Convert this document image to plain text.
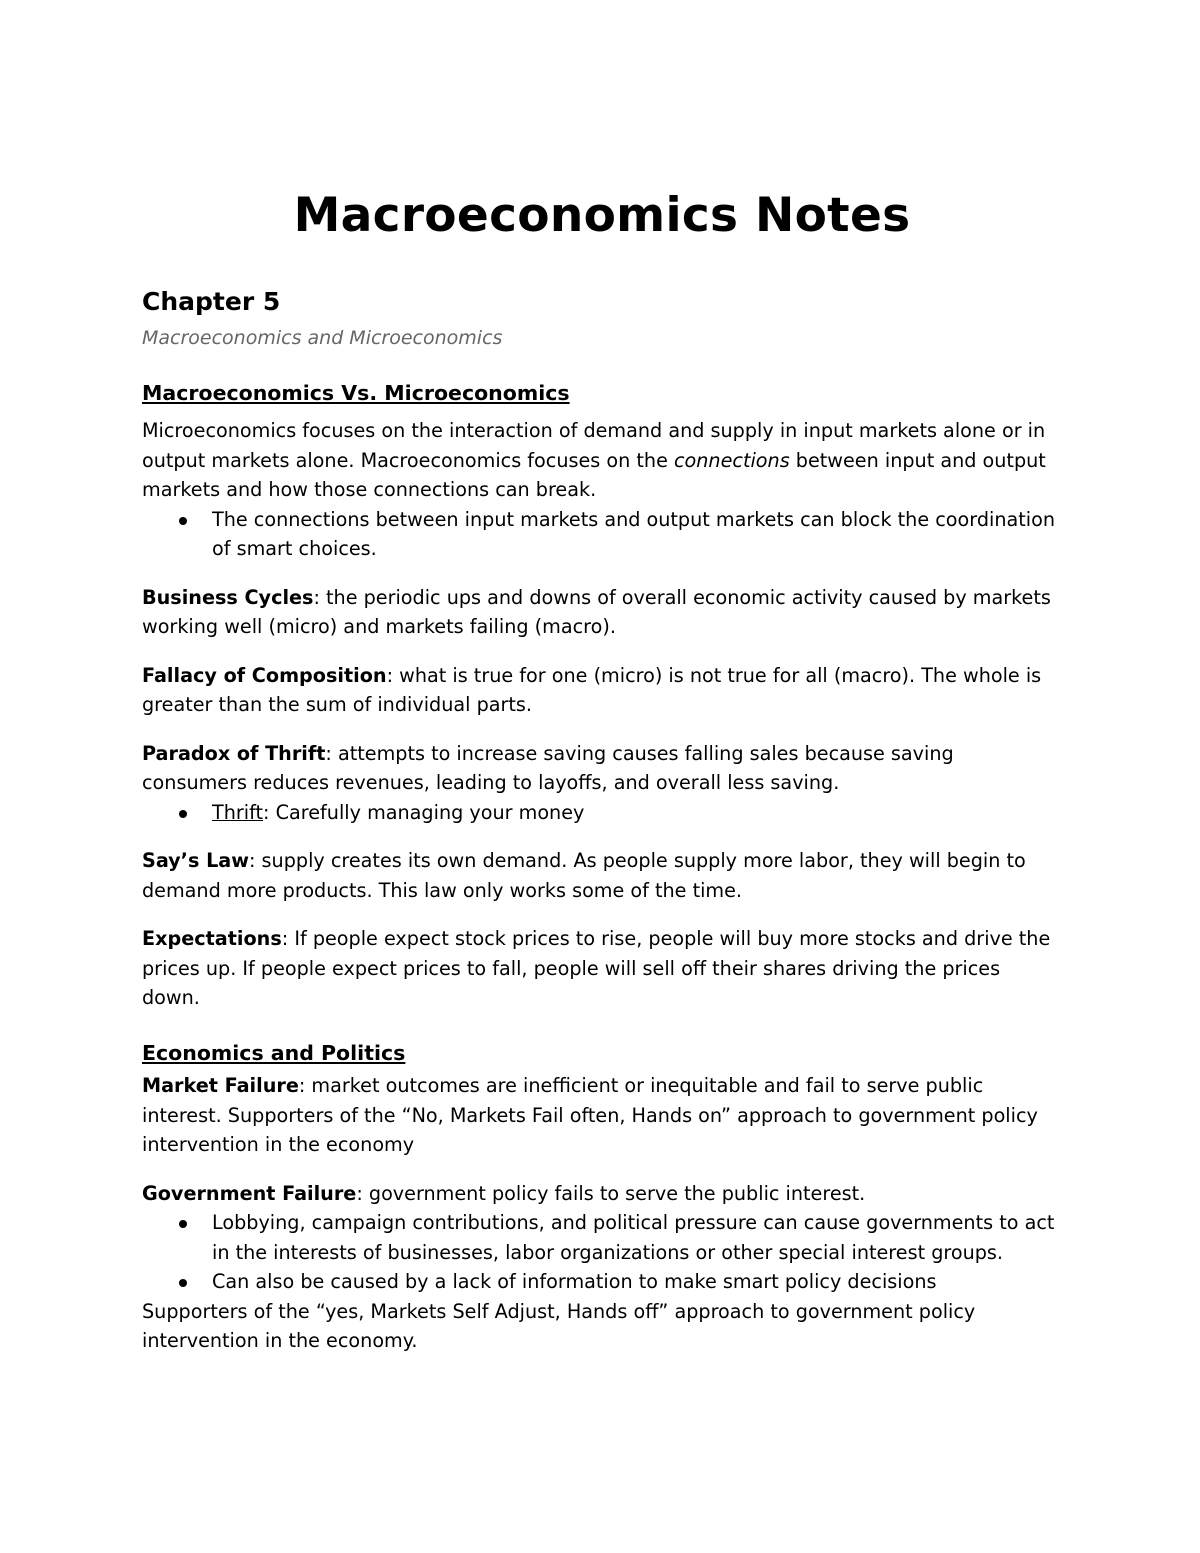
Macroeconomics Notes
Chapter 5

Macroeconomics and Microeconomics

Macroeconomics Vs. Microeconomics

Microeconomics focuses on the interaction of demand and supply in input markets alone or in output markets alone. Macroeconomics focuses on the connections between input and output markets and how those connections can break.

The connections between input markets and output markets can block the coordination of smart choices.

Business Cycles: the periodic ups and downs of overall economic activity caused by markets working well (micro) and markets failing (macro).

Fallacy of Composition: what is true for one (micro) is not true for all (macro). The whole is greater than the sum of individual parts.

Paradox of Thrift: attempts to increase saving causes falling sales because saving consumers reduces revenues, leading to layoffs, and overall less saving.

Thrift: Carefully managing your money

Say’s Law: supply creates its own demand. As people supply more labor, they will begin to demand more products. This law only works some of the time.

Expectations: If people expect stock prices to rise, people will buy more stocks and drive the prices up. If people expect prices to fall, people will sell off their shares driving the prices down.

Economics and Politics

Market Failure: market outcomes are inefficient or inequitable and fail to serve public interest. Supporters of the “No, Markets Fail often, Hands on” approach to government policy intervention in the economy

Government Failure: government policy fails to serve the public interest.

Lobbying, campaign contributions, and political pressure can cause governments to act in the interests of businesses, labor organizations or other special interest groups.
Can also be caused by a lack of information to make smart policy decisions

Supporters of the “yes, Markets Self Adjust, Hands off” approach to government policy intervention in the economy.
